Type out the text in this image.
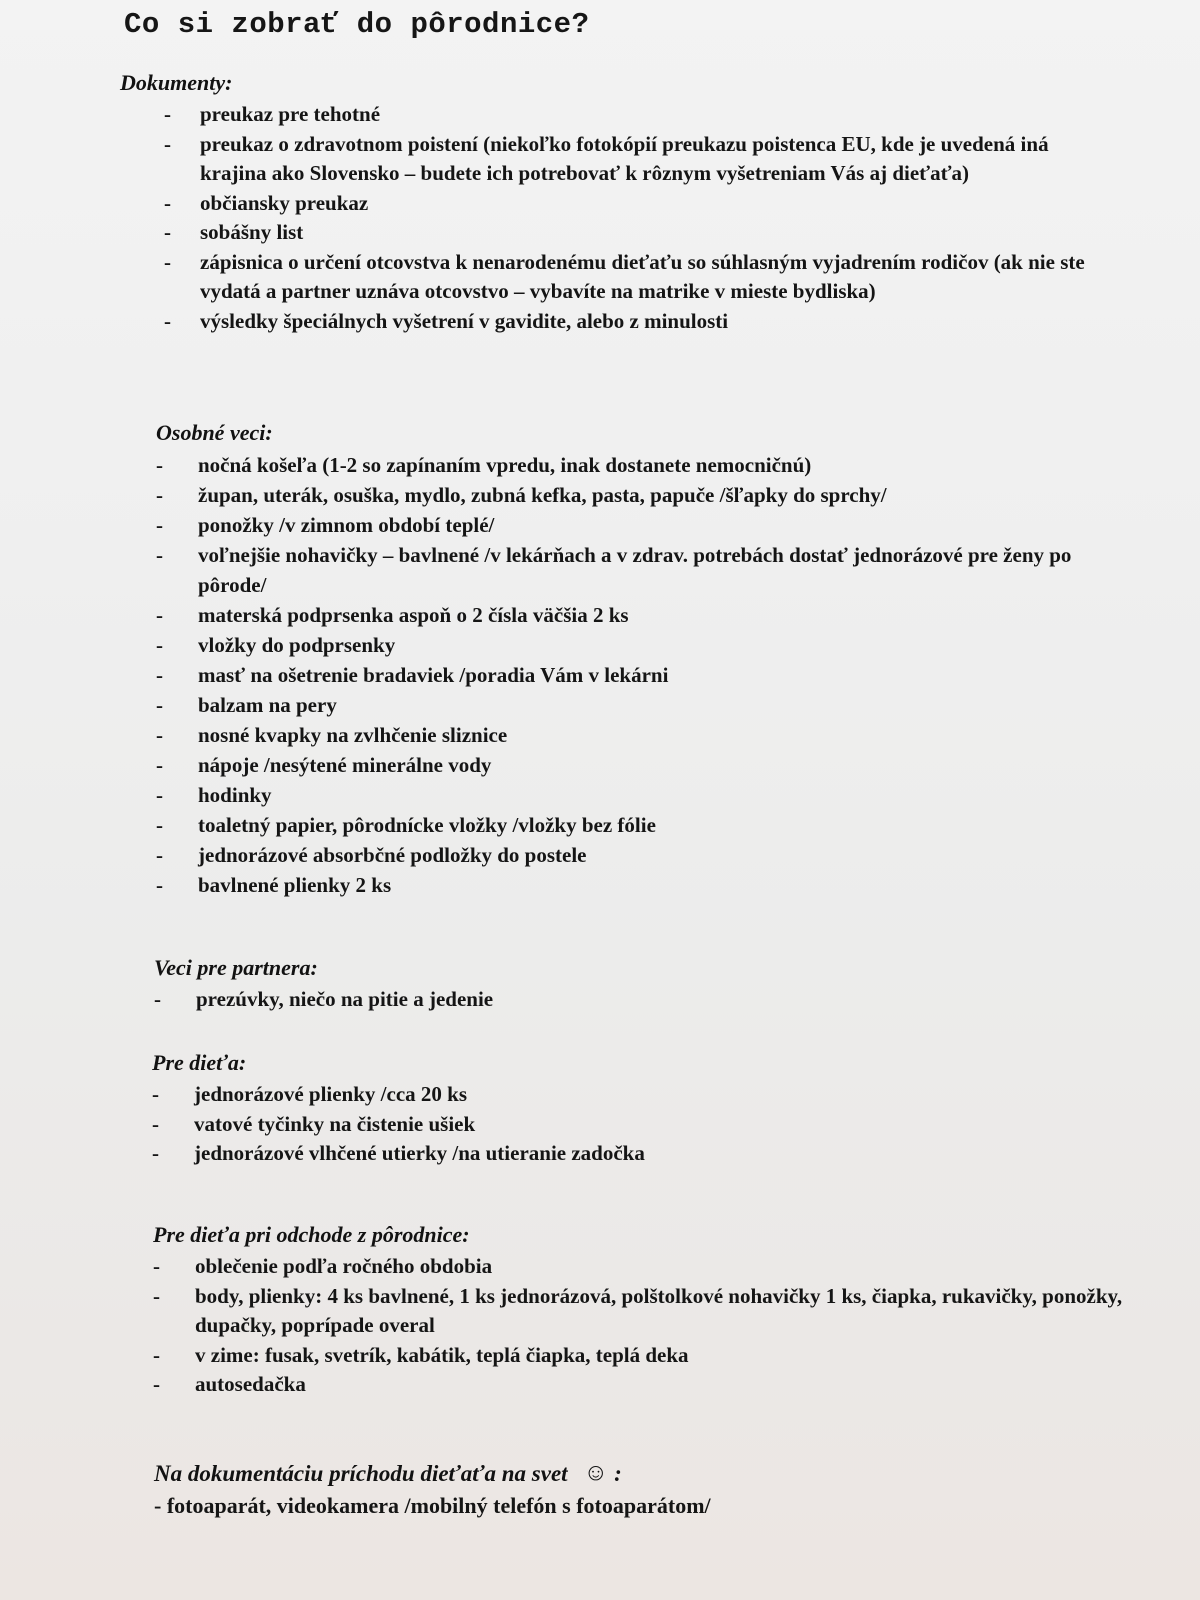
Co si zobrať do pôrodnice?
Dokumenty:
- preukaz pre tehotné
- preukaz o zdravotnom poistení (niekoľko fotokópií preukazu poistenca EU, kde je uvedená iná krajina ako Slovensko – budete ich potrebovať k rôznym vyšetreniam Vás aj dieťaťa)
- občiansky preukaz
- sobášny list
- zápisnica o určení otcovstva k nenarodenému dieťaťu so súhlasným vyjadrením rodičov (ak nie ste vydatá a partner uznáva otcovstvo – vybavíte na matrike v mieste bydliska)
- výsledky špeciálnych vyšetrení v gavidite, alebo z minulosti
Osobné veci:
- nočná košeľa (1-2 so zapínaním vpredu, inak dostanete nemocničnú)
- župan, uterák, osuška, mydlo, zubná kefka, pasta, papuče /šľapky do sprchy/
- ponožky /v zimnom období teplé/
- voľnejšie nohavičky – bavlnené /v lekárňach a v zdrav. potrebách dostať jednorázové pre ženy po pôrode/
- materská podprsenka aspoň o 2 čísla väčšia 2 ks
- vložky do podprsenky
- masť na ošetrenie bradaviek /poradia Vám v lekárni
- balzam na pery
- nosné kvapky na zvlhčenie sliznice
- nápoje /nesýtené minerálne vody
- hodinky
- toaletný papier, pôrodnícke vložky /vložky bez fólie
- jednorázové absorbčné podložky do postele
- bavlnené plienky 2 ks
Veci pre partnera:
- prezúvky, niečo na pitie a jedenie
Pre dieťa:
- jednorázové plienky /cca 20 ks
- vatové tyčinky na čistenie ušiek
- jednorázové vlhčené utierky /na utieranie zadočka
Pre dieťa pri odchode z pôrodnice:
- oblečenie podľa ročného obdobia
- body, plienky: 4 ks bavlnené, 1 ks jednorázová, polštolkové nohavičky 1 ks, čiapka, rukavičky, ponožky, dupačky, poprípade overal
- v zime: fusak, svetrík, kabátik, teplá čiapka, teplá deka
- autosedačka
Na dokumentáciu príchodu dieťaťa na svet ☺ :
- fotoaparát, videokamera /mobilný telefón s fotoaparátom/
